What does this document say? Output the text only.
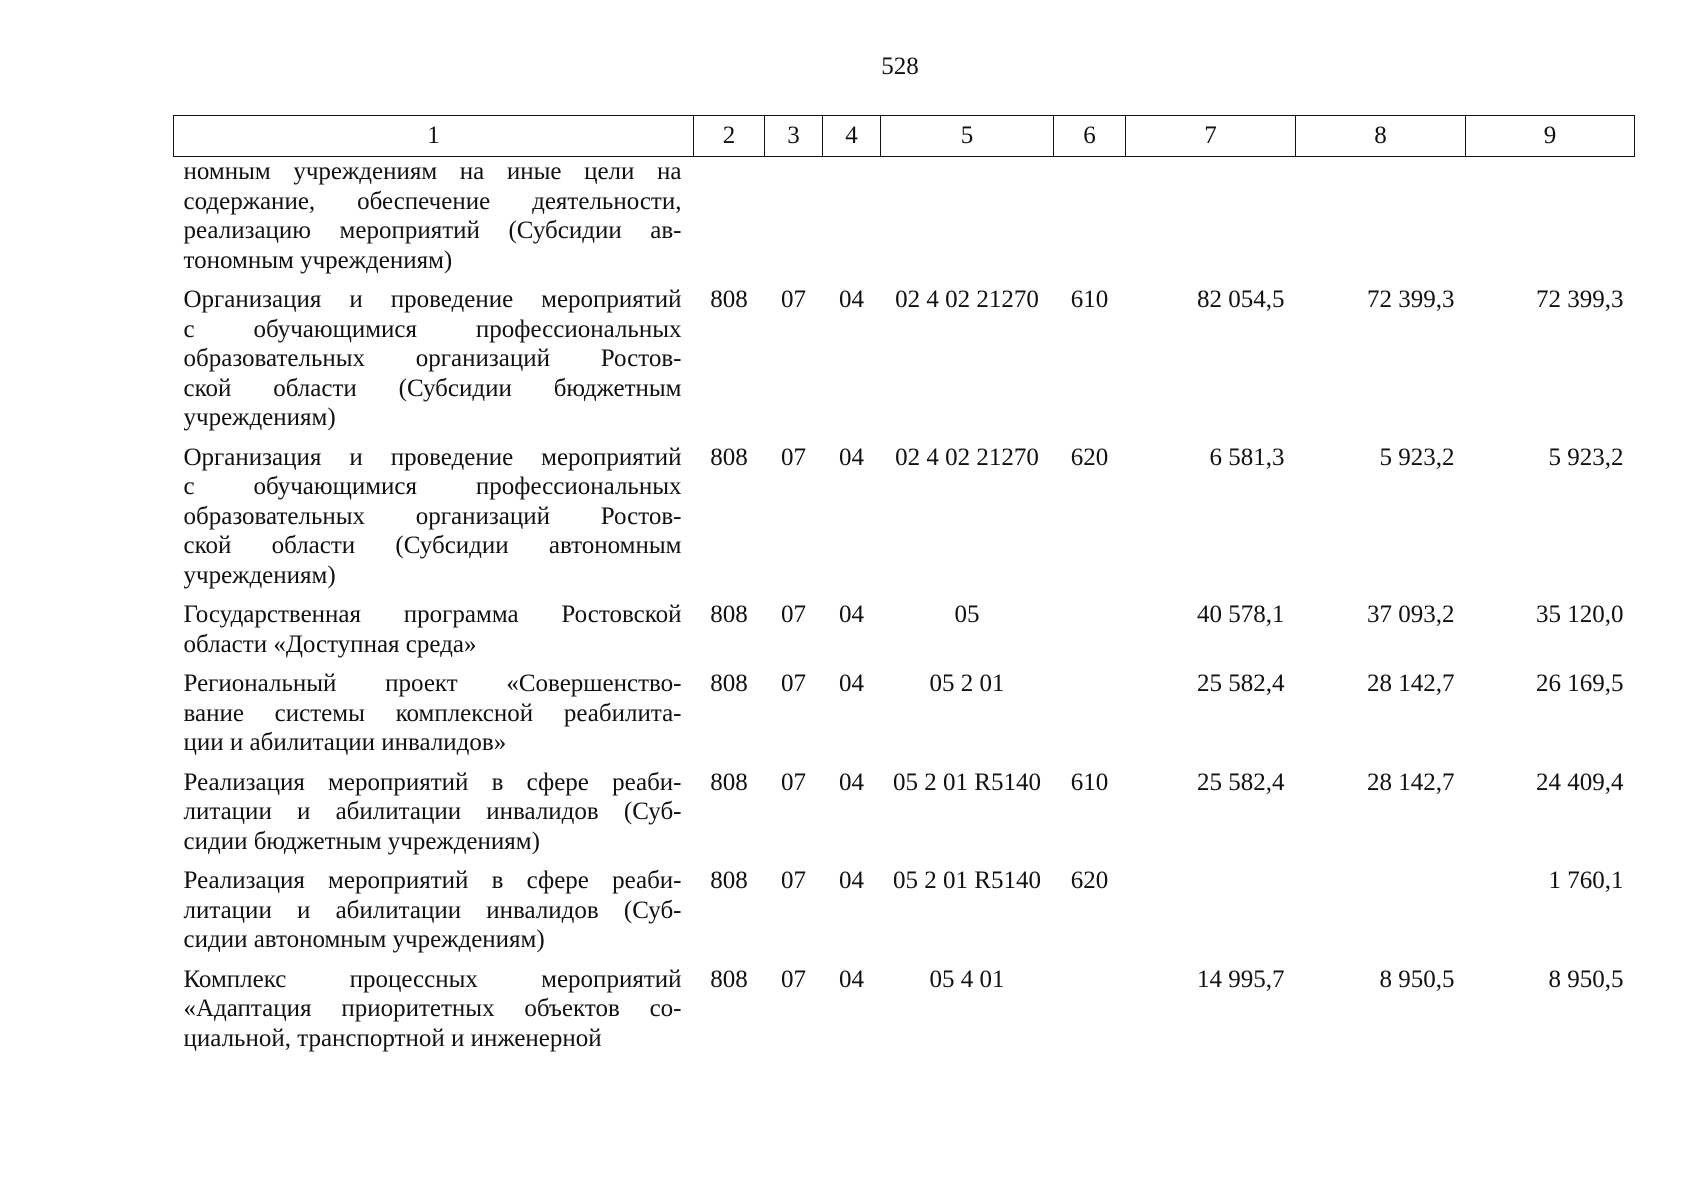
528
1	2	3	4	5	6	7	8	9

номным учреждениям на иные цели на
содержание, обеспечение деятельности,
реализацию мероприятий (Субсидии ав-
тономным учреждениям)								

Организация и проведение мероприятий
с обучающимися профессиональных
образовательных организаций Ростов-
ской области (Субсидии бюджетным
учреждениям)	808	07	04	02 4 02 21270	610	82 054,5	72 399,3	72 399,3

Организация и проведение мероприятий
с обучающимися профессиональных
образовательных организаций Ростов-
ской области (Субсидии автономным
учреждениям)	808	07	04	02 4 02 21270	620	6 581,3	5 923,2	5 923,2

Государственная программа Ростовской
области «Доступная среда»	808	07	04	05		40 578,1	37 093,2	35 120,0

Региональный проект «Совершенство-
вание системы комплексной реабилита-
ции и абилитации инвалидов»	808	07	04	05 2 01		25 582,4	28 142,7	26 169,5

Реализация мероприятий в сфере реаби-
литации и абилитации инвалидов (Суб-
сидии бюджетным учреждениям)	808	07	04	05 2 01 R5140	610	25 582,4	28 142,7	24 409,4

Реализация мероприятий в сфере реаби-
литации и абилитации инвалидов (Суб-
сидии автономным учреждениям)	808	07	04	05 2 01 R5140	620			1 760,1

Комплекс процессных мероприятий
«Адаптация приоритетных объектов со-
циальной, транспортной и инженерной	808	07	04	05 4 01		14 995,7	8 950,5	8 950,5
